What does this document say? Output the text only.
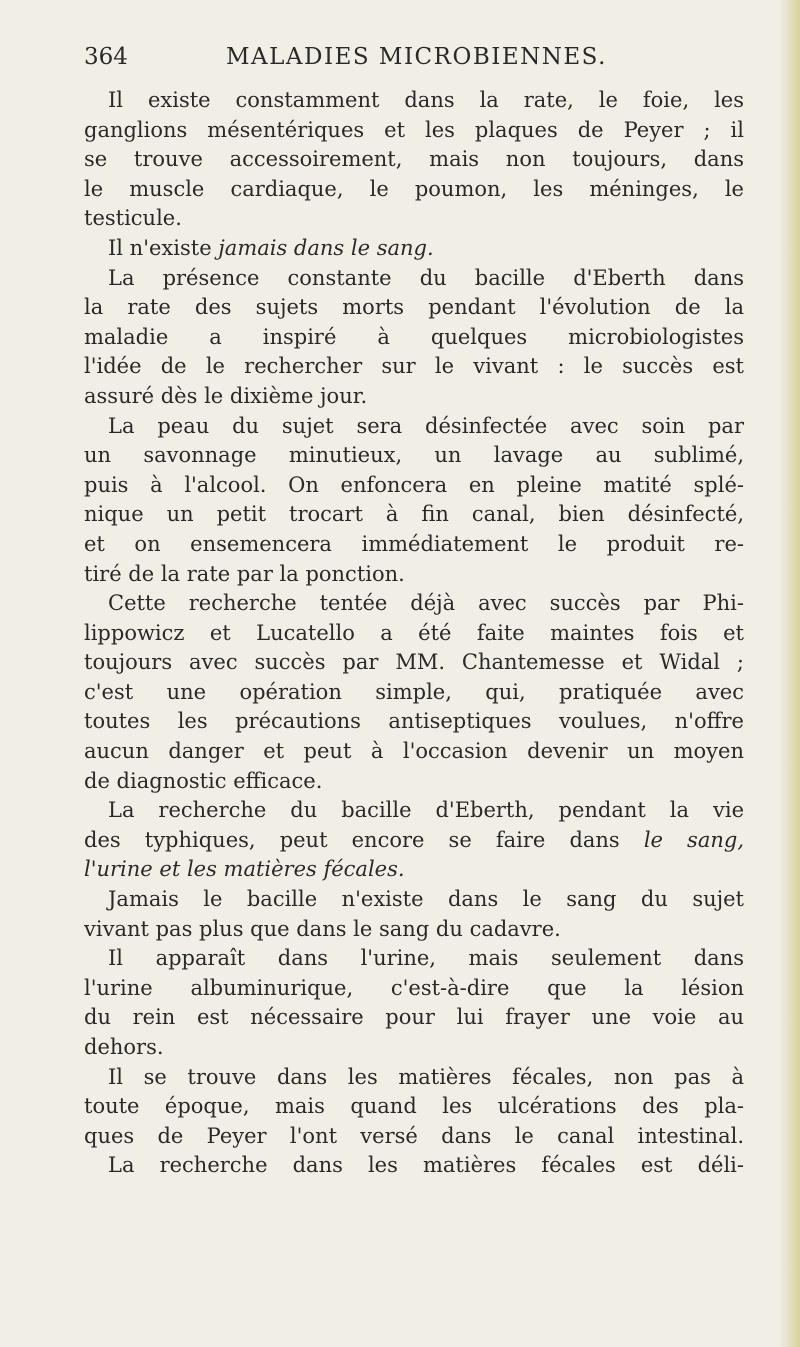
364	MALADIES MICROBIENNES.
Il existe constamment dans la rate, le foie, les
ganglions mésentériques et les plaques de Peyer ; il
se trouve accessoirement, mais non toujours, dans
le muscle cardiaque, le poumon, les méninges, le
testicule.
Il n'existe jamais dans le sang.
La présence constante du bacille d'Eberth dans
la rate des sujets morts pendant l'évolution de la
maladie a inspiré à quelques microbiologistes
l'idée de le rechercher sur le vivant : le succès est
assuré dès le dixième jour.
La peau du sujet sera désinfectée avec soin par
un savonnage minutieux, un lavage au sublimé,
puis à l'alcool. On enfoncera en pleine matité splé-
nique un petit trocart à fin canal, bien désinfecté,
et on ensemencera immédiatement le produit re-
tiré de la rate par la ponction.
Cette recherche tentée déjà avec succès par Phi-
lippowicz et Lucatello a été faite maintes fois et
toujours avec succès par MM. Chantemesse et Widal ;
c'est une opération simple, qui, pratiquée avec
toutes les précautions antiseptiques voulues, n'offre
aucun danger et peut à l'occasion devenir un moyen
de diagnostic efficace.
La recherche du bacille d'Eberth, pendant la vie
des typhiques, peut encore se faire dans le sang,
l'urine et les matières fécales.
Jamais le bacille n'existe dans le sang du sujet
vivant pas plus que dans le sang du cadavre.
Il apparaît dans l'urine, mais seulement dans
l'urine albuminurique, c'est-à-dire que la lésion
du rein est nécessaire pour lui frayer une voie au
dehors.
Il se trouve dans les matières fécales, non pas à
toute époque, mais quand les ulcérations des pla-
ques de Peyer l'ont versé dans le canal intestinal.
La recherche dans les matières fécales est déli-
